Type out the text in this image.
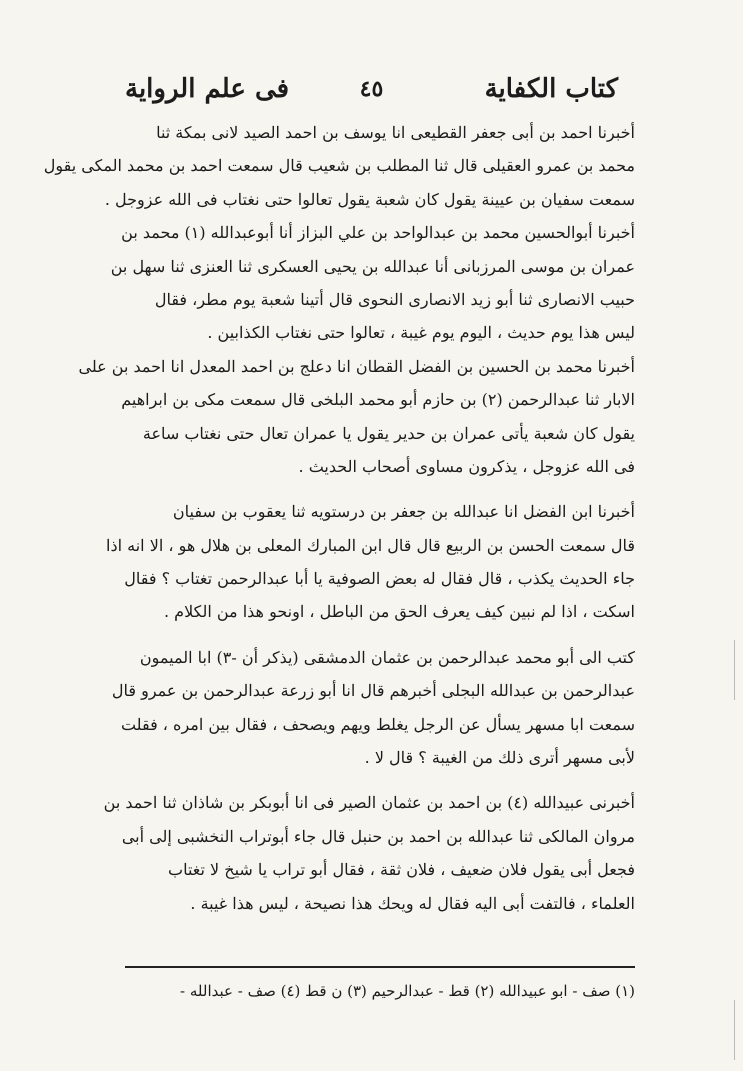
كتاب الكفاية
٤٥
فى علم الرواية
أخبرنا احمد بن أبى جعفر القطيعى انا يوسف بن احمد الصيد لانى بمكة ثنا
محمد بن عمرو العقيلى قال ثنا المطلب بن شعيب قال سمعت احمد بن محمد المكى يقول
سمعت سفيان بن عيينة يقول كان شعبة يقول تعالوا حتى نغتاب فى الله عزوجل .
أخبرنا أبوالحسين محمد بن عبدالواحد بن علي البزاز أنا أبوعبدالله (١) محمد بن
عمران بن موسى المرزبانى أنا عبدالله بن يحيى العسكرى ثنا العنزى ثنا سهل بن
حبيب الانصارى ثنا أبو زيد الانصارى النحوى قال أتينا شعبة يوم مطر، فقال
ليس هذا يوم حديث ، اليوم يوم غيبة ، تعالوا حتى نغتاب الكذابين .
أخبرنا محمد بن الحسين بن الفضل القطان انا دعلج بن احمد المعدل انا احمد بن على
الابار ثنا عبدالرحمن (٢) بن حازم أبو محمد البلخى قال سمعت مكى بن ابراهيم
يقول كان شعبة يأتى عمران بن حدير يقول يا عمران تعال حتى نغتاب ساعة
فى الله عزوجل ، يذكرون مساوى أصحاب الحديث .
أخبرنا ابن الفضل انا عبدالله بن جعفر بن درستويه ثنا يعقوب بن سفيان
قال سمعت الحسن بن الربيع قال قال ابن المبارك المعلى بن هلال هو ، الا انه اذا
جاء الحديث يكذب ، قال فقال له بعض الصوفية يا أبا عبدالرحمن تغتاب ؟ فقال
اسكت ، اذا لم نبين كيف يعرف الحق من الباطل ، اونحو هذا من الكلام .
كتب الى أبو محمد عبدالرحمن بن عثمان الدمشقى (يذكر أن -٣) ابا الميمون
عبدالرحمن بن عبدالله البجلى أخبرهم قال انا أبو زرعة عبدالرحمن بن عمرو قال
سمعت ابا مسهر يسأل عن الرجل يغلط ويهم ويصحف ، فقال بين امره ، فقلت
لأبى مسهر أترى ذلك من الغيبة ؟ قال لا .
أخبرنى عبيدالله (٤) بن احمد بن عثمان الصير فى انا أبوبكر بن شاذان ثنا احمد بن
مروان المالكى ثنا عبدالله بن احمد بن حنبل قال جاء أبوتراب النخشبى إلى أبى
فجعل أبى يقول فلان ضعيف ، فلان ثقة ، فقال أبو تراب يا شيخ لا تغتاب
العلماء ، فالتفت أبى اليه فقال له ويحك هذا نصيحة ، ليس هذا غيبة .
(١) صف - ابو عبيدالله (٢) قط - عبدالرحيم (٣) ن قط (٤) صف - عبدالله -
